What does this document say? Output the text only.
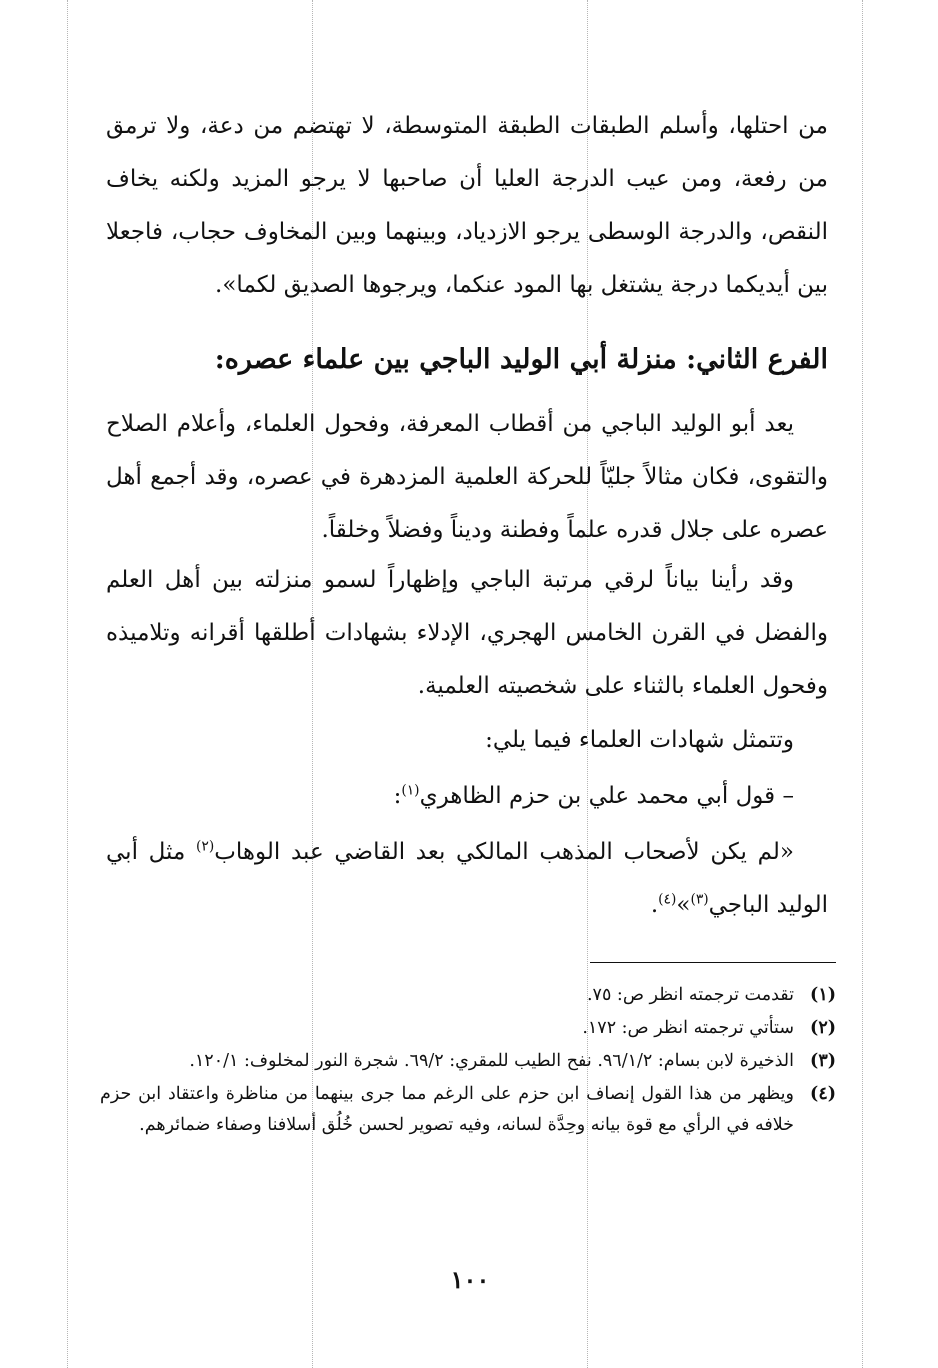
من احتلها، وأسلم الطبقات الطبقة المتوسطة، لا تهتضم من دعة، ولا ترمق من رفعة، ومن عيب الدرجة العليا أن صاحبها لا يرجو المزيد ولكنه يخاف النقص، والدرجة الوسطى يرجو الازدياد، وبينهما وبين المخاوف حجاب، فاجعلا بين أيديكما درجة يشتغل بها المود عنكما، ويرجوها الصديق لكما».

الفرع الثاني: منزلة أبي الوليد الباجي بين علماء عصره:

يعد أبو الوليد الباجي من أقطاب المعرفة، وفحول العلماء، وأعلام الصلاح والتقوى، فكان مثالاً جليّاً للحركة العلمية المزدهرة في عصره، وقد أجمع أهل عصره على جلال قدره علماً وفطنة وديناً وفضلاً وخلقاً.

وقد رأينا بياناً لرقي مرتبة الباجي وإظهاراً لسمو منزلته بين أهل العلم والفضل في القرن الخامس الهجري، الإدلاء بشهادات أطلقها أقرانه وتلاميذه وفحول العلماء بالثناء على شخصيته العلمية.

وتتمثل شهادات العلماء فيما يلي:

– قول أبي محمد علي بن حزم الظاهري$^{(١)}$:

«لم يكن لأصحاب المذهب المالكي بعد القاضي عبد الوهاب$^{(٢)}$ مثل أبي الوليد الباجي$^{(٣)}$»$^{(٤)}$.

(١)
تقدمت ترجمته انظر ص: ٧٥.
(٢)
ستأتي ترجمته انظر ص: ١٧٢.
(٣)
الذخيرة لابن بسام: ٩٦/١/٢. نفح الطيب للمقري: ٦٩/٢. شجرة النور لمخلوف: ١٢٠/١.
(٤)
ويظهر من هذا القول إنصاف ابن حزم على الرغم مما جرى بينهما من مناظرة واعتقاد ابن حزم خلافه في الرأي مع قوة بيانه وحِدَّة لسانه، وفيه تصوير لحسن خُلُق أسلافنا وصفاء ضمائرهم.
١٠٠
